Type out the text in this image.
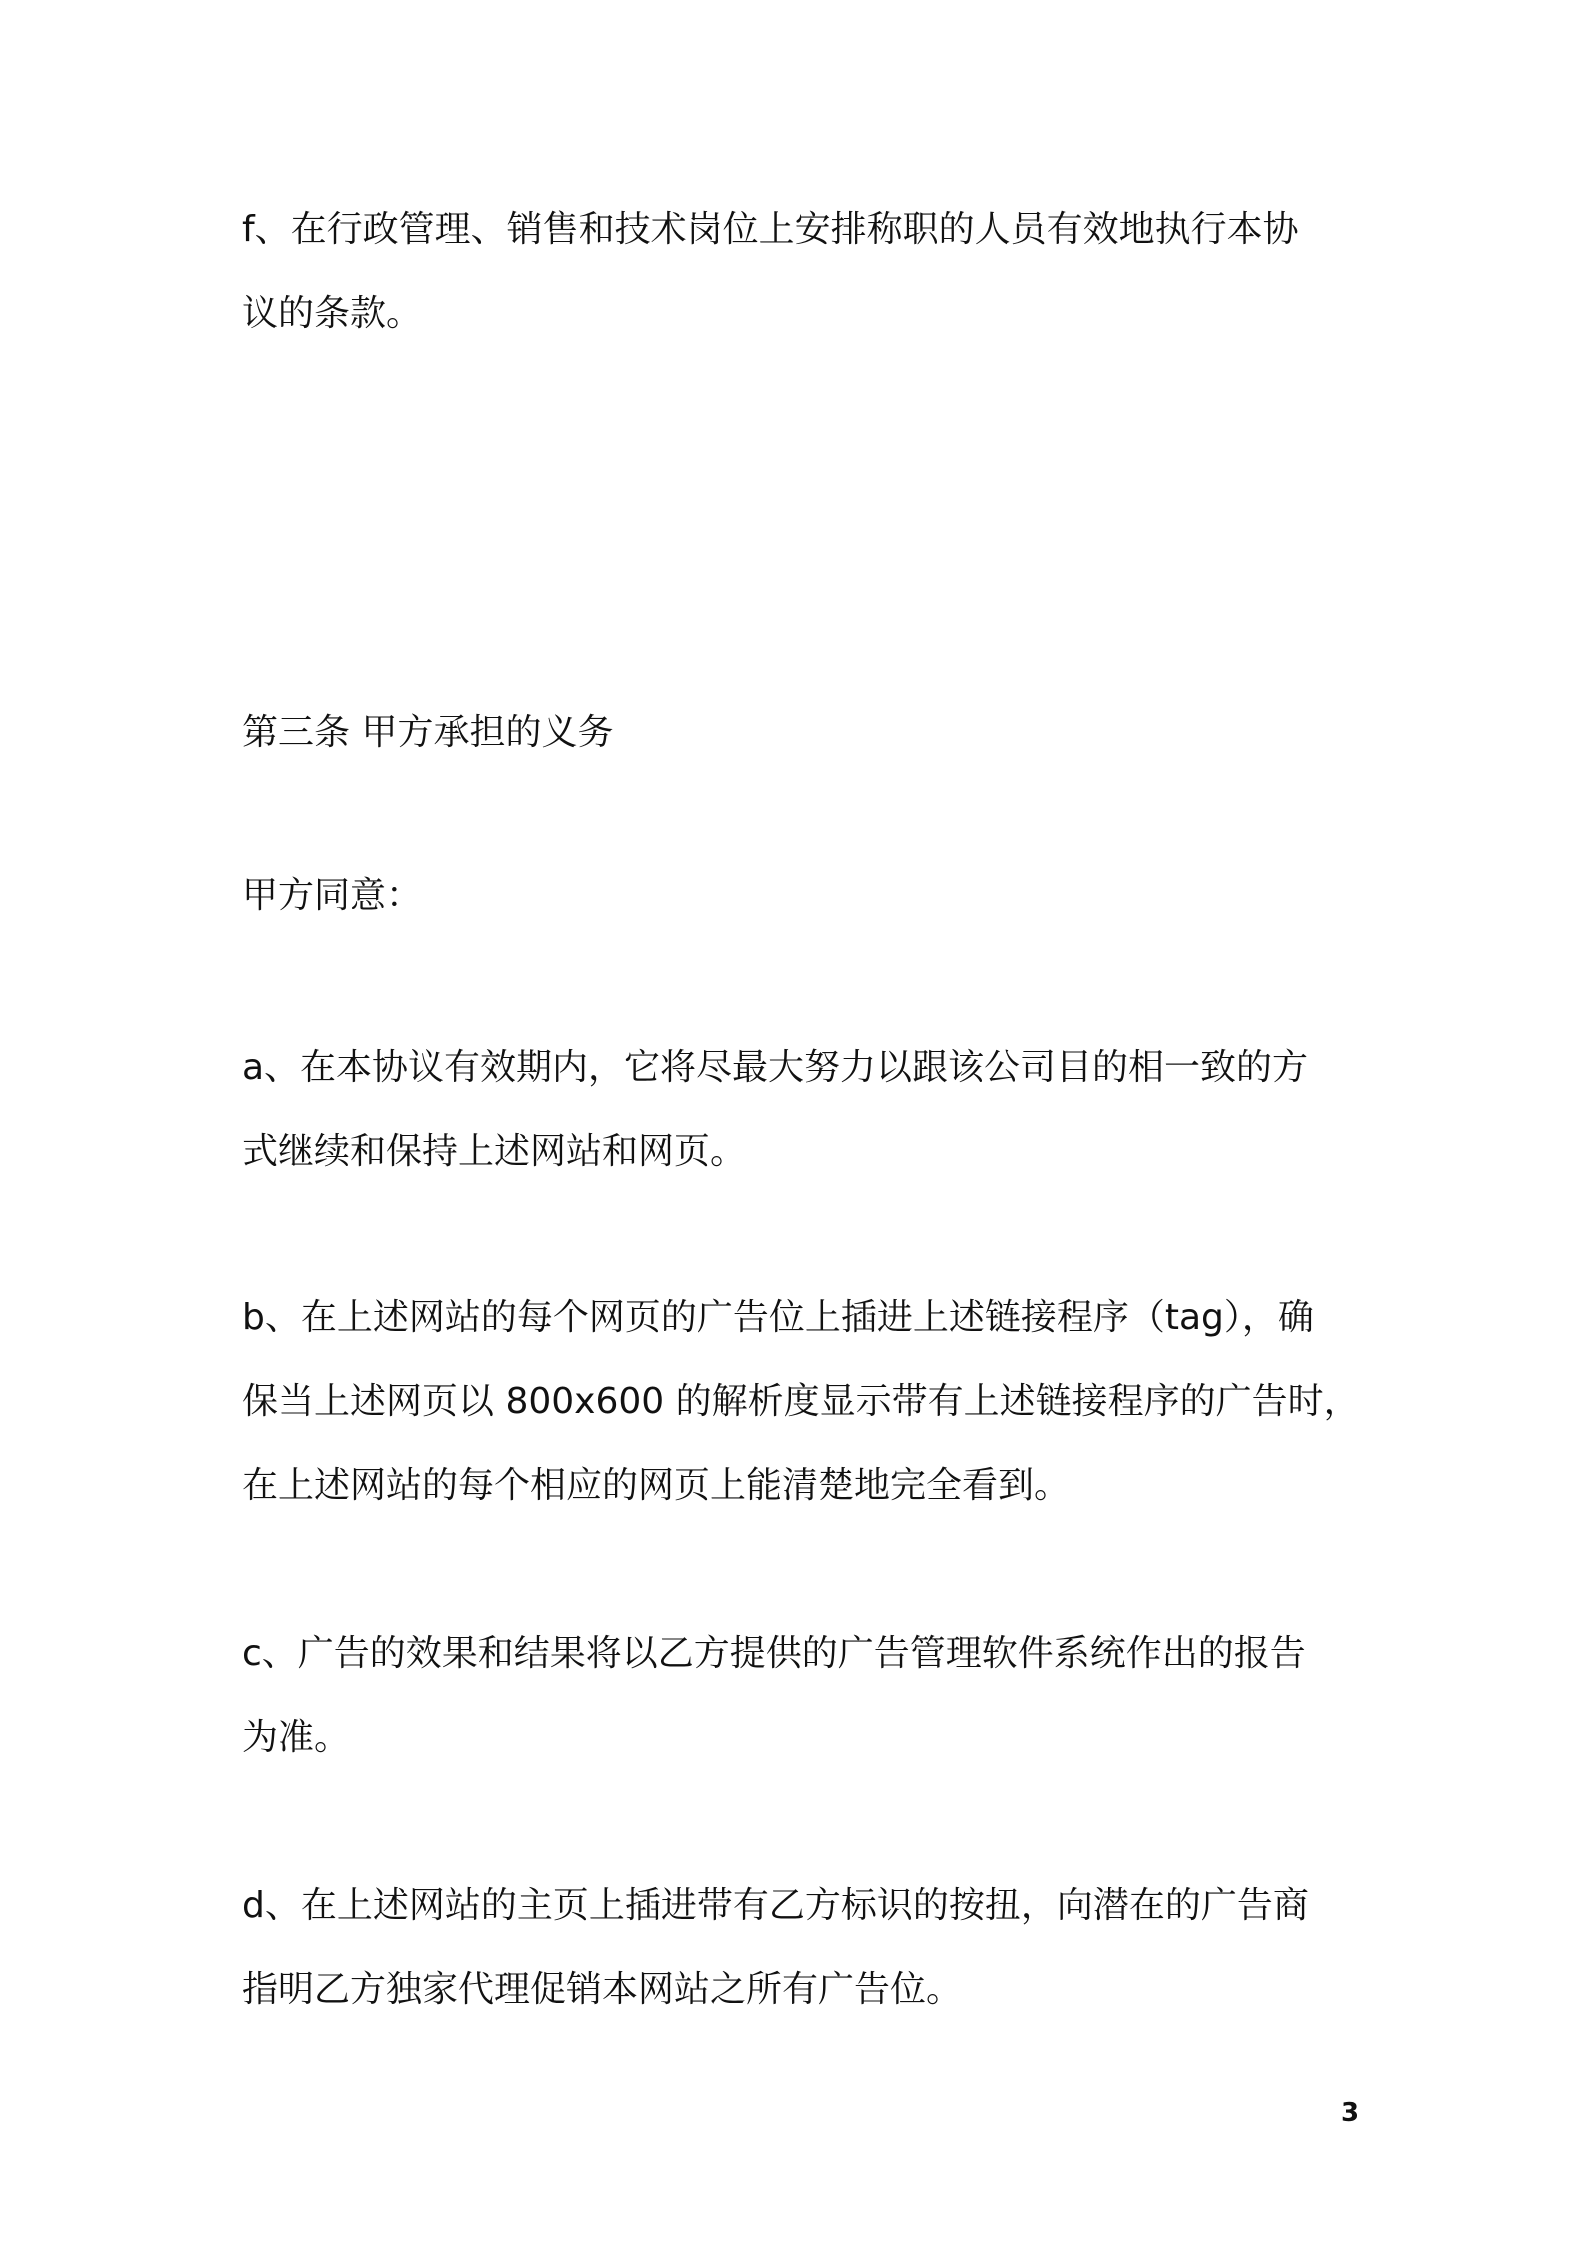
f、在行政管理、销售和技术岗位上安排称职的人员有效地执行本协
议的条款。

第三条 甲方承担的义务

甲方同意：

a、在本协议有效期内，它将尽最大努力以跟该公司目的相一致的方
式继续和保持上述网站和网页。

b、在上述网站的每个网页的广告位上插进上述链接程序（tag），确
保当上述网页以 800x600 的解析度显示带有上述链接程序的广告时，
在上述网站的每个相应的网页上能清楚地完全看到。

c、广告的效果和结果将以乙方提供的广告管理软件系统作出的报告
为准。

d、在上述网站的主页上插进带有乙方标识的按扭，向潜在的广告商
指明乙方独家代理促销本网站之所有广告位。

3
